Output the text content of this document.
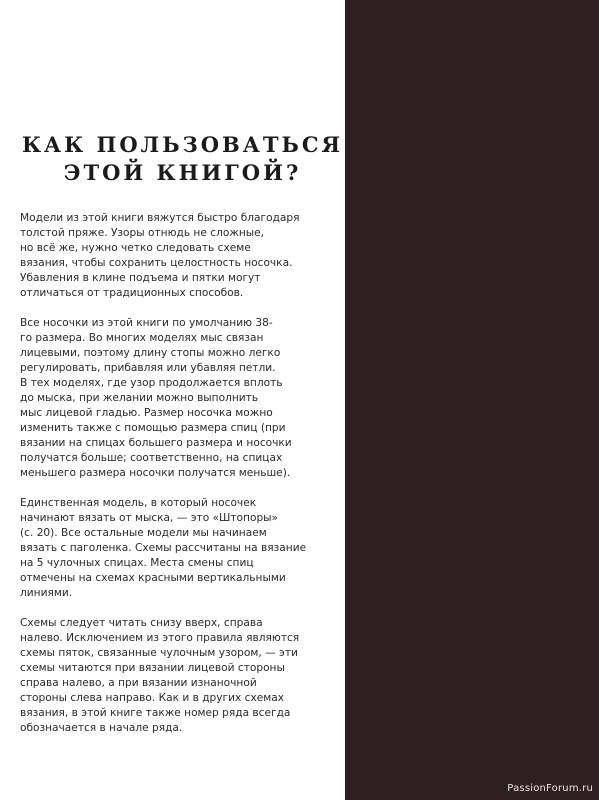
КАК ПОЛЬЗОВАТЬСЯ
ЭТОЙ КНИГОЙ?

Модели из этой книги вяжутся быстро благодаря
толстой пряже. Узоры отнюдь не сложные,
но всё же, нужно четко следовать схеме
вязания, чтобы сохранить целостность носочка.
Убавления в клине подъема и пятки могут
отличаться от традиционных способов.

Все носочки из этой книги по умолчанию 38-
го размера. Во многих моделях мыс связан
лицевыми, поэтому длину стопы можно легко
регулировать, прибавляя или убавляя петли.
В тех моделях, где узор продолжается вплоть
до мыска, при желании можно выполнить
мыс лицевой гладью. Размер носочка можно
изменить также с помощью размера спиц (при
вязании на спицах большего размера и носочки
получатся больше; соответственно, на спицах
меньшего размера носочки получатся меньше).

Единственная модель, в который носочек
начинают вязать от мыска, — это «Штопоры»
(с. 20). Все остальные модели мы начинаем
вязать с паголенка. Схемы рассчитаны на вязание
на 5 чулочных спицах. Места смены спиц
отмечены на схемах красными вертикальными
линиями.

Схемы следует читать снизу вверх, справа
налево. Исключением из этого правила являются
схемы пяток, связанные чулочным узором, — эти
схемы читаются при вязании лицевой стороны
справа налево, а при вязании изнаночной
стороны слева направо. Как и в других схемах
вязания, в этой книге также номер ряда всегда
обозначается в начале ряда.

PassionForum.ru
